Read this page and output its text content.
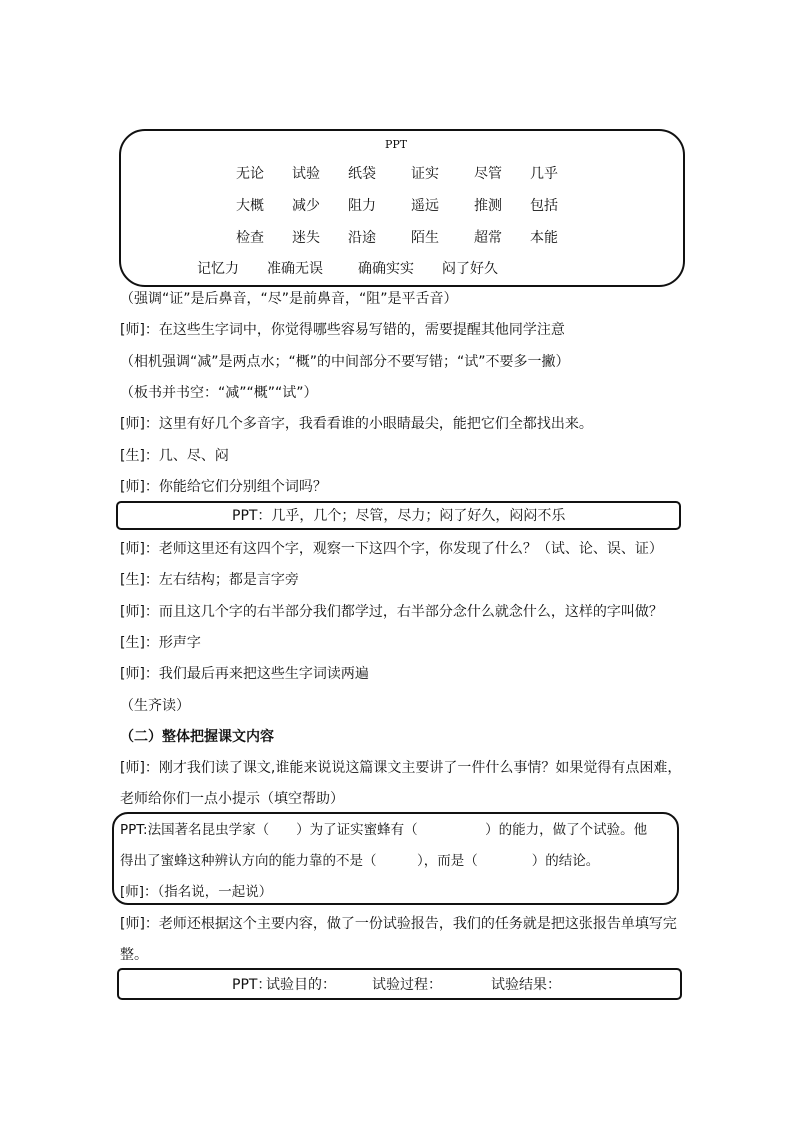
PPT
无论 试验 纸袋	证实	尽管 几乎
大概 减少 阻力	遥远	推测 包括
检查 迷失 沿途	陌生	超常 本能
记忆力 准确无误	确确实实 闷了好久
（强调“证”是后鼻音，“尽”是前鼻音，“阻”是平舌音）
[师]：在这些生字词中，你觉得哪些容易写错的，需要提醒其他同学注意
（相机强调“减”是两点水；“概”的中间部分不要写错；“试”不要多一撇）
（板书并书空：“减”“概”“试”）
[师]：这里有好几个多音字，我看看谁的小眼睛最尖，能把它们全都找出来。
[生]：几、尽、闷
[师]：你能给它们分别组个词吗？
PPT：几乎，几个；尽管，尽力；闷了好久，闷闷不乐
[师]：老师这里还有这四个字，观察一下这四个字，你发现了什么？（试、论、误、证）
[生]：左右结构；都是言字旁
[师]：而且这几个字的右半部分我们都学过，右半部分念什么就念什么，这样的字叫做？
[生]：形声字
[师]：我们最后再来把这些生字词读两遍
（生齐读）
（二）整体把握课文内容
[师]：刚才我们读了课文,谁能来说说这篇课文主要讲了一件什么事情？如果觉得有点困难，
老师给你们一点小提示（填空帮助）
PPT:法国著名昆虫学家（　　）为了证实蜜蜂有（　　　　　）的能力，做了个试验。他
得出了蜜蜂这种辨认方向的能力靠的不是（　　　），而是（　　　　）的结论。
[师]：（指名说，一起说）
[师]：老师还根据这个主要内容，做了一份试验报告，我们的任务就是把这张报告单填写完
整。
PPT：
试验目的：	试验过程：	试验结果：
